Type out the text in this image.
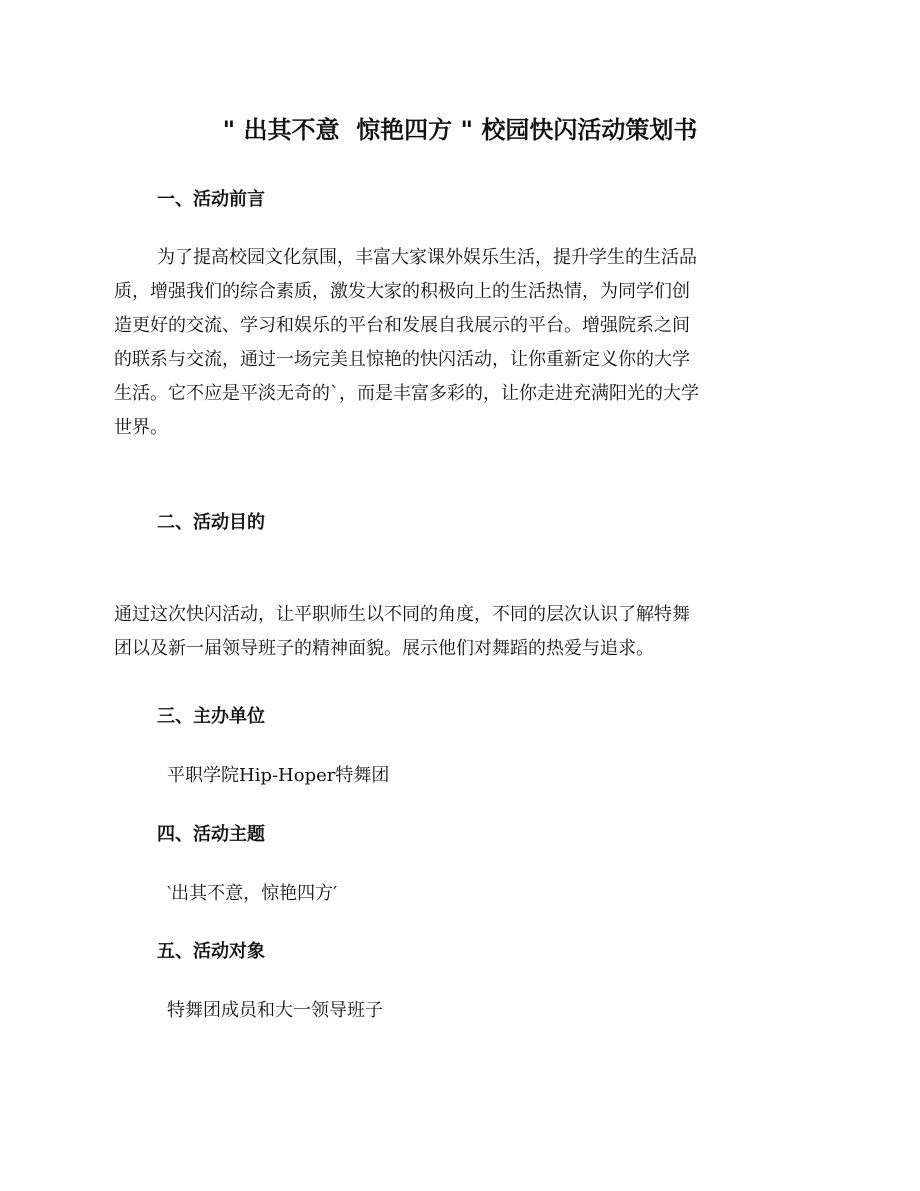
" 出其不意  惊艳四方 " 校园快闪活动策划书
一、活动前言
为了提高校园文化氛围，丰富大家课外娱乐生活，提升学生的生活品
质，增强我们的综合素质，激发大家的积极向上的生活热情，为同学们创
造更好的交流、学习和娱乐的平台和发展自我展示的平台。增强院系之间
的联系与交流，通过一场完美且惊艳的快闪活动，让你重新定义你的大学
生活。它不应是平淡无奇的`，而是丰富多彩的，让你走进充满阳光的大学
世界。
二、活动目的
通过这次快闪活动，让平职师生以不同的角度，不同的层次认识了解特舞
团以及新一届领导班子的精神面貌。展示他们对舞蹈的热爱与追求。
三、主办单位
平职学院Hip-Hoper特舞团
四、活动主题
‵出其不意，惊艳四方′
五、活动对象
特舞团成员和大一领导班子
